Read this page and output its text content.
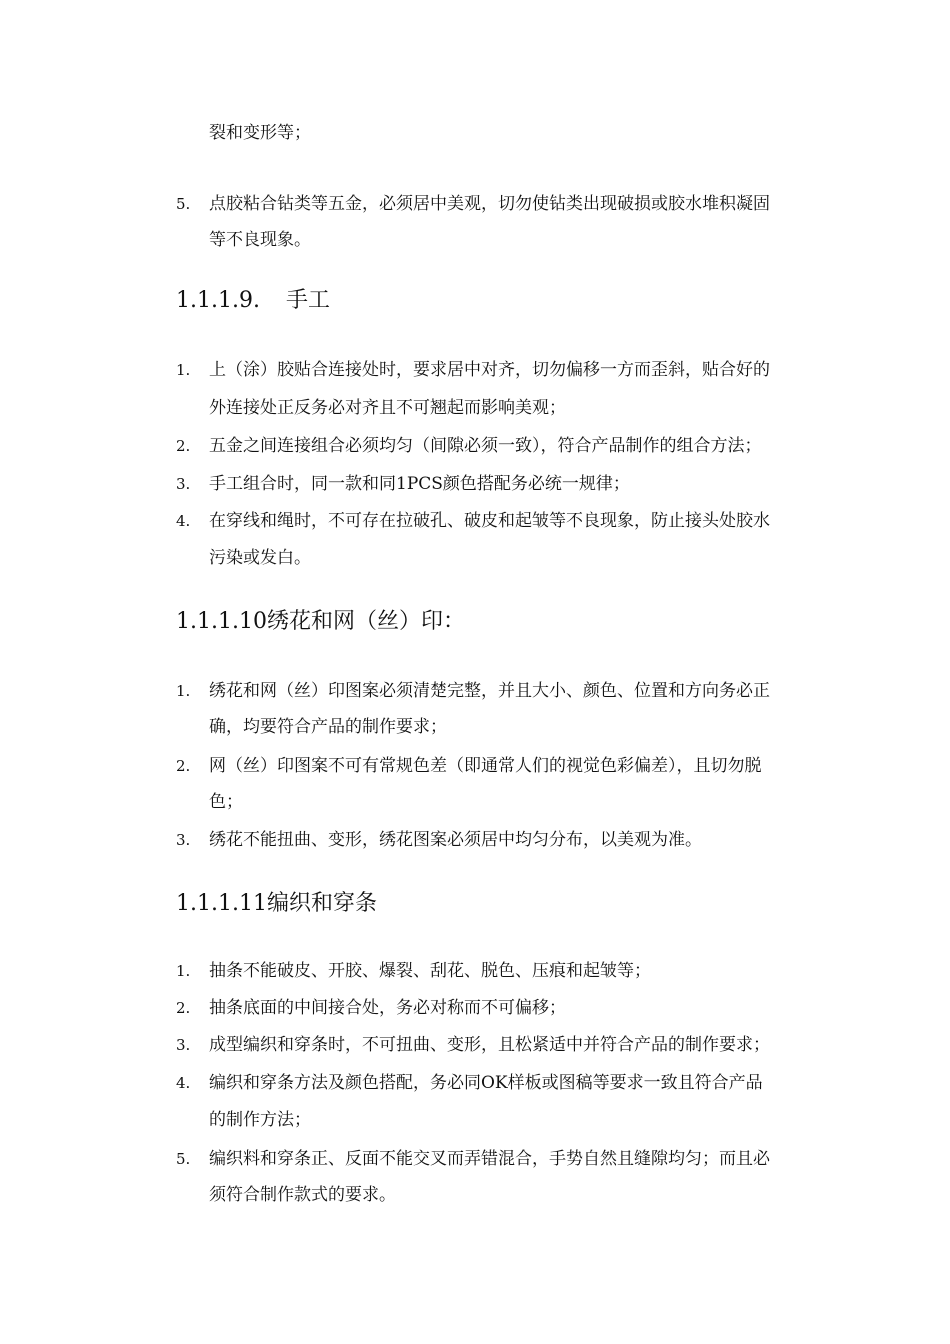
裂和变形等；
5. 点胶粘合钻类等五金，必须居中美观，切勿使钻类出现破损或胶水堆积凝固
等不良现象。
1.1.1.9. 手工
1. 上（涂）胶贴合连接处时，要求居中对齐，切勿偏移一方而歪斜，贴合好的
外连接处正反务必对齐且不可翘起而影响美观；
2. 五金之间连接组合必须均匀（间隙必须一致），符合产品制作的组合方法；
3. 手工组合时，同一款和同1PCS颜色搭配务必统一规律；
4. 在穿线和绳时，不可存在拉破孔、破皮和起皱等不良现象，防止接头处胶水
污染或发白。
1.1.1.10绣花和网（丝）印：
1. 绣花和网（丝）印图案必须清楚完整，并且大小、颜色、位置和方向务必正
确，均要符合产品的制作要求；
2. 网（丝）印图案不可有常规色差（即通常人们的视觉色彩偏差），且切勿脱
色；
3. 绣花不能扭曲、变形，绣花图案必须居中均匀分布，以美观为准。
1.1.1.11编织和穿条
1. 抽条不能破皮、开胶、爆裂、刮花、脱色、压痕和起皱等；
2. 抽条底面的中间接合处，务必对称而不可偏移；
3. 成型编织和穿条时，不可扭曲、变形，且松紧适中并符合产品的制作要求；
4. 编织和穿条方法及颜色搭配，务必同OK样板或图稿等要求一致且符合产品
的制作方法；
5. 编织料和穿条正、反面不能交叉而弄错混合，手势自然且缝隙均匀；而且必
须符合制作款式的要求。
